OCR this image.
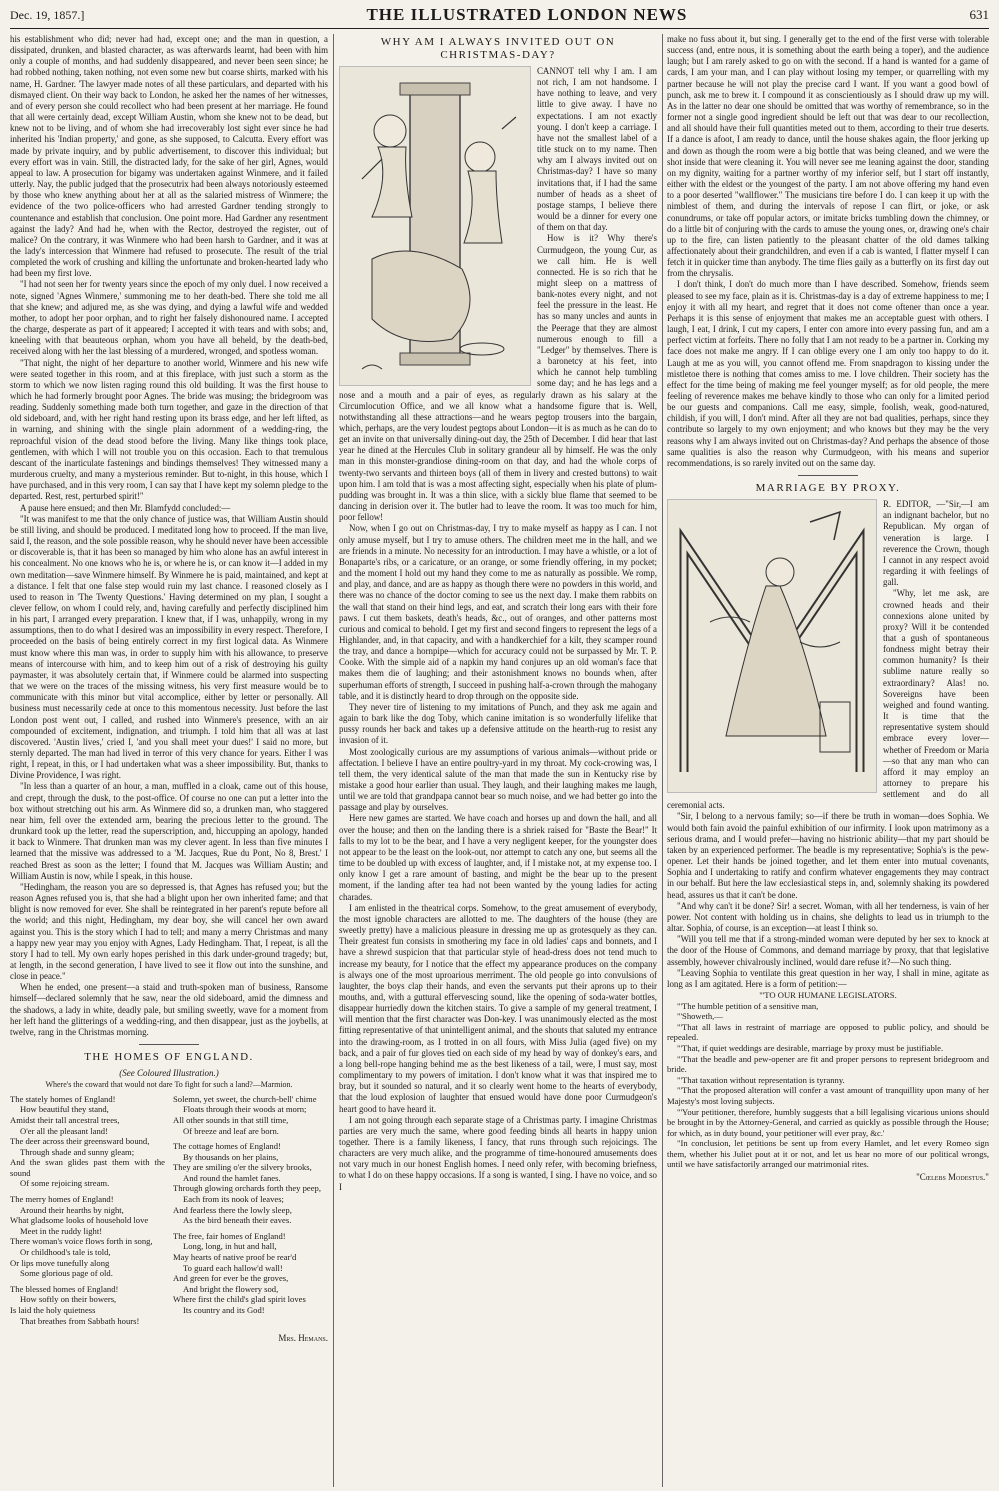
Dec. 19, 1857.]	THE ILLUSTRATED LONDON NEWS	631

his establishment who did; never had had, except one; and the man in question, a dissipated, drunken, and blasted character, as was afterwards learnt, had been with him only a couple of months, and had suddenly disappeared, and never been seen since; he had robbed nothing, taken nothing, not even some new but coarse shirts, marked with his name, H. Gardner. 'The lawyer made notes of all these particulars, and departed with his dismayed client. On their way back to London, he asked her the names of her witnesses, and of every person she could recollect who had been present at her marriage. He found that all were certainly dead, except William Austin, whom she knew not to be dead, but knew not to be living, and of whom she had irrecoverably lost sight ever since he had inherited his 'Indian property,' and gone, as she supposed, to Calcutta. Every effort was made by private inquiry, and by public advertisement, to discover this individual; but every effort was in vain. Still, the distracted lady, for the sake of her girl, Agnes, would appeal to law. A prosecution for bigamy was undertaken against Winmere, and it failed utterly. Nay, the public judged that the prosecutrix had been always notoriously esteemed by those who knew anything about her at all as the salaried mistress of Winmere; the evidence of the two police-officers who had arrested Gardner tending strongly to countenance and establish that conclusion. One point more. Had Gardner any resentment against the lady? And had he, when with the Rector, destroyed the register, out of malice? On the contrary, it was Winmere who had been harsh to Gardner, and it was at the lady's intercession that Winmere had refused to prosecute. The result of the trial completed the work of crushing and killing the unfortunate and broken-hearted lady who had been my first love.

"I had not seen her for twenty years since the epoch of my only duel. I now received a note, signed 'Agnes Winmere,' summoning me to her death-bed. There she told me all that she knew; and adjured me, as she was dying, and dying a lawful wife and wedded mother, to adopt her poor orphan, and to right her falsely dishonoured name. I accepted the charge, desperate as part of it appeared; I accepted it with tears and with sobs; and, kneeling with that beauteous orphan, whom you have all beheld, by the death-bed, received along with her the last blessing of a murdered, wronged, and spotless woman.

"That night, the night of her departure to another world, Winmere and his new wife were seated together in this room, and at this fireplace, with just such a storm as the storm to which we now listen raging round this old building. It was the first house to which he had formerly brought poor Agnes. The bride was musing; the bridegroom was reading. Suddenly something made both turn together, and gaze in the direction of that old sideboard, and, with her right hand resting upon its brass edge, and her left lifted, as in warning, and shining with the single plain adornment of a wedding-ring, the reproachful vision of the dead stood before the living. Many like things took place, gentlemen, with which I will not trouble you on this occasion. Each to that tremulous descant of the inarticulate fastenings and bindings themselves! They witnessed many a murderous cruelty, and many a mysterious reminder. But to-night, in this house, which I have purchased, and in this very room, I can say that I have kept my solemn pledge to the departed. Rest, rest, perturbed spirit!"

A pause here ensued; and then Mr. Blamfydd concluded:—

"It was manifest to me that the only chance of justice was, that William Austin should be still living, and should be produced. I meditated long how to proceed. If the man live, said I, the reason, and the sole possible reason, why he should never have been accessible or discoverable is, that it has been so managed by him who alone has an awful interest in his concealment. No one knows who he is, or where he is, or can know it—I added in my own meditation—save Winmere himself. By Winmere he is paid, maintained, and kept at a distance. I felt that one false step would ruin my last chance. I reasoned closely as I used to reason in 'The Twenty Questions.' Having determined on my plan, I sought a clever fellow, on whom I could rely, and, having carefully and perfectly disciplined him in his part, I arranged every preparation. I knew that, if I was, unhappily, wrong in my assumptions, then to do what I desired was an impossibility in every respect. Therefore, I proceeded on the basis of being entirely correct in my first logical data. As Winmere must know where this man was, in order to supply him with his allowance, to preserve means of intercourse with him, and to keep him out of a risk of destroying his guilty paymaster, it was absolutely certain that, if Winmere could be alarmed into suspecting that we were on the traces of the missing witness, his very first measure would be to communicate with this minor but vital accomplice, either by letter or personally. All business must necessarily cede at once to this momentous necessity. Just before the last London post went out, I called, and rushed into Winmere's presence, with an air compounded of excitement, indignation, and triumph. I told him that all was at last discovered. 'Austin lives,' cried I, 'and you shall meet your dues!' I said no more, but sternly departed. The man had lived in terror of this very chance for years. Either I was right, I repeat, in this, or I had undertaken what was a sheer impossibility. But, thanks to Divine Providence, I was right.

"In less than a quarter of an hour, a man, muffled in a cloak, came out of this house, and crept, through the dusk, to the post-office. Of course no one can put a letter into the box without stretching out his arm. As Winmere did so, a drunken man, who staggered near him, fell over the extended arm, bearing the precious letter to the ground. The drunkard took up the letter, read the superscription, and, hiccupping an apology, handed it back to Winmere. That drunken man was my clever agent. In less than five minutes I learned that the missive was addressed to a 'M. Jacques, Rue du Pont, No 8, Brest.' I reached Brest as soon as the letter; I found that M. Jacques was William Austin; and William Austin is now, while I speak, in this house.

"Hedingham, the reason you are so depressed is, that Agnes has refused you; but the reason Agnes refused you is, that she had a blight upon her own inherited fame; and that blight is now removed for ever. She shall be reintegrated in her parent's repute before all the world; and this night, Hedingham, my dear boy, she will cancel her own award against you. This is the story which I had to tell; and many a merry Christmas and many a happy new year may you enjoy with Agnes, Lady Hedingham. That, I repeat, is all the story I had to tell. My own early hopes perished in this dark under-ground tragedy; but, at length, in the second generation, I have lived to see it flow out into the sunshine, and close in peace."

When he ended, one present—a staid and truth-spoken man of business, Ransome himself—declared solemnly that he saw, near the old sideboard, amid the dimness and the shadows, a lady in white, deadly pale, but smiling sweetly, wave for a moment from her left hand the glitterings of a wedding-ring, and then disappear, just as the joybells, at twelve, rang in the Christmas morning.

THE HOMES OF ENGLAND.
(See Coloured Illustration.)
Where's the coward that would not dare To fight for such a land?—Marmion.
The stately homes of England!
How beautiful they stand,
Amidst their tall ancestral trees,
O'er all the pleasant land!
The deer across their greensward bound,
Through shade and sunny gleam;
And the swan glides past them with the sound
Of some rejoicing stream.
The merry homes of England!
Around their hearths by night,
What gladsome looks of household love
Meet in the ruddy light!
There woman's voice flows forth in song,
Or childhood's tale is told,
Or lips move tunefully along
Some glorious page of old.
The blessed homes of England!
How softly on their bowers,
Is laid the holy quietness
That breathes from Sabbath hours!
Solemn, yet sweet, the church-bell' chime
Floats through their woods at morn;
All other sounds in that still time,
Of breeze and leaf are born.
The cottage homes of England!
By thousands on her plains,
They are smiling o'er the silvery brooks,
And round the hamlet fanes.
Through glowing orchards forth they peep,
Each from its nook of leaves;
And fearless there the lowly sleep,
As the bird beneath their eaves.
The free, fair homes of England!
Long, long, in hut and hall,
May hearts of native proof be rear'd
To guard each hallow'd wall!
And green for ever be the groves,
And bright the flowery sod,
Where first the child's glad spirit loves
Its country and its God!
Mrs. Hemans.
WHY AM I ALWAYS INVITED OUT ON CHRISTMAS-DAY?

CANNOT tell why I am. I am not rich, I am not handsome. I have nothing to leave, and very little to give away. I have no expectations. I am not exactly young. I don't keep a carriage. I have not the smallest label of a title stuck on to my name. Then why am I always invited out on Christmas-day? I have so many invitations that, if I had the same number of heads as a sheet of postage stamps, I believe there would be a dinner for every one of them on that day.

How is it? Why there's Curmudgeon, the young Cur, as we call him. He is well connected. He is so rich that he might sleep on a mattress of bank-notes every night, and not feel the pressure in the least. He has so many uncles and aunts in the Peerage that they are almost numerous enough to fill a "Ledger" by themselves. There is a baronetcy at his feet, into which he cannot help tumbling some day; and he has legs and a nose and a mouth and a pair of eyes, as regularly drawn as his salary at the Circumlocution Office, and we all know what a handsome figure that is. Well, notwithstanding all these attractions—and he wears pegtop trousers into the bargain, which, perhaps, are the very loudest pegtops about London—it is as much as he can do to get an invite on that universally dining-out day, the 25th of December. I did hear that last year he dined at the Hercules Club in solitary grandeur all by himself. He was the only man in this monster-grandiose dining-room on that day, and had the whole corps of twenty-two servants and thirteen boys (all of them in livery and crested buttons) to wait upon him. I am told that is was a most affecting sight, especially when his plate of plum-pudding was brought in. It was a thin slice, with a sickly blue flame that seemed to be dancing in derision over it. The butler had to leave the room. It was too much for him, poor fellow!

Now, when I go out on Christmas-day, I try to make myself as happy as I can. I not only amuse myself, but I try to amuse others. The children meet me in the hall, and we are friends in a minute. No necessity for an introduction. I may have a whistle, or a lot of Bonaparte's ribs, or a caricature, or an orange, or some friendly offering, in my pocket; and the moment I hold out my hand they come to me as naturally as possible. We romp, and play, and dance, and are as happy as though there were no powders in this world, and there was no chance of the doctor coming to see us the next day. I make them rabbits on the wall that stand on their hind legs, and eat, and scratch their long ears with their fore paws. I cut them baskets, death's heads, &c., out of oranges, and other patterns most curious and comical to behold. I get my first and second fingers to represent the legs of a Highlander, and, in that capacity, and with a handkerchief for a kilt, they scamper round the tray, and dance a hornpipe—which for accuracy could not be surpassed by Mr. T. P. Cooke. With the simple aid of a napkin my hand conjures up an old woman's face that makes them die of laughing; and their astonishment knows no bounds when, after superhuman efforts of strength, I succeed in pushing half-a-crown through the mahogany table, and it is distinctly heard to drop through on the opposite side.

They never tire of listening to my imitations of Punch, and they ask me again and again to bark like the dog Toby, which canine imitation is so wonderfully lifelike that pussy rounds her back and takes up a defensive attitude on the hearth-rug to resist any invasion of it.

Most zoologically curious are my assumptions of various animals—without pride or affectation. I believe I have an entire poultry-yard in my throat. My cock-crowing was, I tell them, the very identical salute of the man that made the sun in Kentucky rise by mistake a good hour earlier than usual. They laugh, and their laughing makes me laugh, until we are told that grandpapa cannot bear so much noise, and we had better go into the passage and play by ourselves.

Here new games are started. We have coach and horses up and down the hall, and all over the house; and then on the landing there is a shriek raised for "Baste the Bear!" It falls to my lot to be the bear, and I have a very negligent keeper, for the youngster does not appear to be the least on the look-out, nor attempt to catch any one, but seems all the time to be doubled up with excess of laughter, and, if I mistake not, at my expense too. I only know I get a rare amount of basting, and might be the bear up to the present moment, if the landing after tea had not been wanted by the young ladies for acting charades.

I am enlisted in the theatrical corps. Somehow, to the great amusement of everybody, the most ignoble characters are allotted to me. The daughters of the house (they are sweetly pretty) have a malicious pleasure in dressing me up as grotesquely as they can. Their greatest fun consists in smothering my face in old ladies' caps and bonnets, and I have a shrewd suspicion that that particular style of head-dress does not tend much to increase my beauty, for I notice that the effect my appearance produces on the company is always one of the most uproarious merriment. The old people go into convulsions of laughter, the boys clap their hands, and even the servants put their aprons up to their mouths, and, with a guttural effervescing sound, like the opening of soda-water bottles, disappear hurriedly down the kitchen stairs. To give a sample of my general treatment, I will mention that the first character was Don-key. I was unanimously elected as the most fitting representative of that unintelligent animal, and the shouts that saluted my entrance into the drawing-room, as I trotted in on all fours, with Miss Julia (aged five) on my back, and a pair of fur gloves tied on each side of my head by way of donkey's ears, and a long bell-rope hanging behind me as the best likeness of a tail, were, I must say, most complimentary to my powers of imitation. I don't know what it was that inspired me to bray, but it sounded so natural, and it so clearly went home to the hearts of everybody, that the loud explosion of laughter that ensued would have done poor Curmudgeon's heart good to have heard it.

I am not going through each separate stage of a Christmas party. I imagine Christmas parties are very much the same, where good feeding binds all hearts in happy union together. There is a family likeness, I fancy, that runs through such rejoicings. The characters are very much alike, and the programme of time-honoured amusements does not vary much in our honest English homes. I need only refer, with becoming briefness, to what I do on these happy occasions. If a song is wanted, I sing. I have no voice, and so I

make no fuss about it, but sing. I generally get to the end of the first verse with tolerable success (and, entre nous, it is something about the earth being a toper), and the audience laugh; but I am rarely asked to go on with the second. If a hand is wanted for a game of cards, I am your man, and I can play without losing my temper, or quarrelling with my partner because he will not play the precise card I want. If you want a good bowl of punch, ask me to brew it. I compound it as conscientiously as I should draw up my will. As in the latter no dear one should be omitted that was worthy of remembrance, so in the former not a single good ingredient should be left out that was dear to our recollection, and all should have their full quantities meted out to them, according to their true deserts. If a dance is afoot, I am ready to dance, until the house shakes again, the floor jerking up and down as though the room were a big bottle that was being cleaned, and we were the shot inside that were cleaning it. You will never see me leaning against the door, standing on my dignity, waiting for a partner worthy of my inferior self, but I start off instantly, either with the eldest or the youngest of the party. I am not above offering my hand even to a poor deserted "wallflower." The musicians tire before I do. I can keep it up with the nimblest of them, and during the intervals of repose I can flirt, or joke, or ask conundrums, or take off popular actors, or imitate bricks tumbling down the chimney, or do a little bit of conjuring with the cards to amuse the young ones, or, drawing one's chair up to the fire, can listen patiently to the pleasant chatter of the old dames talking affectionately about their grandchildren, and even if a cab is wanted, I flatter myself I can fetch it in quicker time than anybody. The time flies gaily as a butterfly on its first day out from the chrysalis.

I don't think, I don't do much more than I have described. Somehow, friends seem pleased to see my face, plain as it is. Christmas-day is a day of extreme happiness to me; I enjoy it with all my heart, and regret that it does not come oftener than once a year. Perhaps it is this sense of enjoyment that makes me an acceptable guest with others. I laugh, I eat, I drink, I cut my capers, I enter con amore into every passing fun, and am a perfect victim at forfeits. There no folly that I am not ready to be a partner in. Corking my face does not make me angry. If I can oblige every one I am only too happy to do it. Laugh at me as you will, you cannot offend me. From snapdragon to kissing under the mistletoe there is nothing that comes amiss to me. I love children. Their society has the effect for the time being of making me feel younger myself; as for old people, the mere feeling of reverence makes me behave kindly to those who can only for a limited period be our guests and companions. Call me easy, simple, foolish, weak, good-natured, childish, if you will, I don't mind. After all they are not bad qualities, perhaps, since they contribute so largely to my own enjoyment; and who knows but they may be the very reasons why I am always invited out on Christmas-day? And perhaps the absence of those same qualities is also the reason why Curmudgeon, with his means and superior recommendations, is so rarely invited out on the same day.

MARRIAGE BY PROXY.

R. EDITOR, —"Sir,—I am an indignant bachelor, but no Republican. My organ of veneration is large. I reverence the Crown, though I cannot in any respect avoid regarding it with feelings of gall.

"Why, let me ask, are crowned heads and their connexions alone united by proxy? Will it be contended that a gush of spontaneous fondness might betray their common humanity? Is their sublime nature really so extraordinary? Alas! no. Sovereigns have been weighed and found wanting. It is time that the representative system should embrace every lover—whether of Freedom or Maria—so that any man who can afford it may employ an attorney to prepare his settlement and do all ceremonial acts.

"Sir, I belong to a nervous family; so—if there be truth in woman—does Sophia. We would both fain avoid the painful exhibition of our infirmity. I look upon matrimony as a serious drama, and I would prefer—having no histrionic ability—that my part should be taken by an experienced performer. The beadle is my representative; Sophia's is the pew-opener. Let their hands be joined together, and let them enter into mutual covenants, Sophia and I undertaking to ratify and confirm whatever engagements they may contract in our behalf. But here the law ecclesiastical steps in, and, solemnly shaking its powdered head, assures us that it can't be done.

"And why can't it be done? Sir! a secret. Woman, with all her tenderness, is vain of her power. Not content with holding us in chains, she delights to lead us in triumph to the altar. Sophia, of course, is an exception—at least I think so.

"Will you tell me that if a strong-minded woman were deputed by her sex to knock at the door of the House of Commons, and demand marriage by proxy, that that legislative assembly, however chivalrously inclined, would dare refuse it?—No such thing.

"Leaving Sophia to ventilate this great question in her way, I shall in mine, agitate as long as I am agitated. Here is a form of petition:—

"'TO OUR HUMANE LEGISLATORS.

"'The humble petition of a sensitive man,

"'Showeth,—

"'That all laws in restraint of marriage are opposed to public policy, and should be repealed.

"'That, if quiet weddings are desirable, marriage by proxy must be justifiable.

"'That the beadle and pew-opener are fit and proper persons to represent bridegroom and bride.

"'That taxation without representation is tyranny.

"'That the proposed alteration will confer a vast amount of tranquillity upon many of her Majesty's most loving subjects.

"'Your petitioner, therefore, humbly suggests that a bill legalising vicarious unions should be brought in by the Attorney-General, and carried as quickly as possible through the House; for which, as in duty bound, your petitioner will ever pray, &c.'

"In conclusion, let petitions be sent up from every Hamlet, and let every Romeo sign them, whether his Juliet pout at it or not, and let us hear no more of our political wrongs, until we have satisfactorily arranged our matrimonial rites.

"Cœlebs Modestus."
